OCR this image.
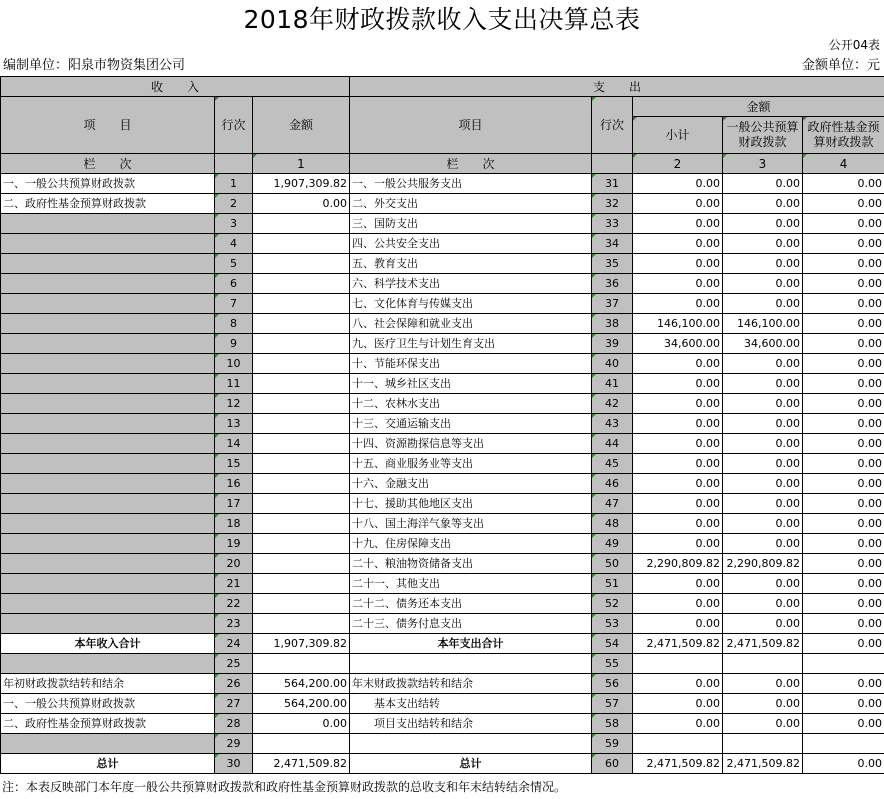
2018年财政拨款收入支出决算总表
公开04表
编制单位：阳泉市物资集团公司	金额单位：元
收　　入			支　　出				
项　　目	行次	金额	项目	行次	金额		
					小计	一般公共预算财政拨款	政府性基金预算财政拨款
栏　　次		1	栏　　次		2	3	4
一、一般公共预算财政拨款	1	1,907,309.82	一、一般公共服务支出	31	0.00	0.00	0.00
二、政府性基金预算财政拨款	2	0.00	二、外交支出	32	0.00	0.00	0.00
	3		三、国防支出	33	0.00	0.00	0.00
	4		四、公共安全支出	34	0.00	0.00	0.00
	5		五、教育支出	35	0.00	0.00	0.00
	6		六、科学技术支出	36	0.00	0.00	0.00
	7		七、文化体育与传媒支出	37	0.00	0.00	0.00
	8		八、社会保障和就业支出	38	146,100.00	146,100.00	0.00
	9		九、医疗卫生与计划生育支出	39	34,600.00	34,600.00	0.00
	10		十、节能环保支出	40	0.00	0.00	0.00
	11		十一、城乡社区支出	41	0.00	0.00	0.00
	12		十二、农林水支出	42	0.00	0.00	0.00
	13		十三、交通运输支出	43	0.00	0.00	0.00
	14		十四、资源勘探信息等支出	44	0.00	0.00	0.00
	15		十五、商业服务业等支出	45	0.00	0.00	0.00
	16		十六、金融支出	46	0.00	0.00	0.00
	17		十七、援助其他地区支出	47	0.00	0.00	0.00
	18		十八、国土海洋气象等支出	48	0.00	0.00	0.00
	19		十九、住房保障支出	49	0.00	0.00	0.00
	20		二十、粮油物资储备支出	50	2,290,809.82	2,290,809.82	0.00
	21		二十一、其他支出	51	0.00	0.00	0.00
	22		二十二、债务还本支出	52	0.00	0.00	0.00
	23		二十三、债务付息支出	53	0.00	0.00	0.00
本年收入合计	24	1,907,309.82	本年支出合计	54	2,471,509.82	2,471,509.82	0.00
	25			55			
年初财政拨款结转和结余	26	564,200.00	年末财政拨款结转和结余	56	0.00	0.00	0.00
一、一般公共预算财政拨款	27	564,200.00	　　基本支出结转	57	0.00	0.00	0.00
二、政府性基金预算财政拨款	28	0.00	　　项目支出结转和结余	58	0.00	0.00	0.00
	29			59			
总计	30	2,471,509.82	总计	60	2,471,509.82	2,471,509.82	0.00
注：本表反映部门本年度一般公共预算财政拨款和政府性基金预算财政拨款的总收支和年末结转结余情况。
